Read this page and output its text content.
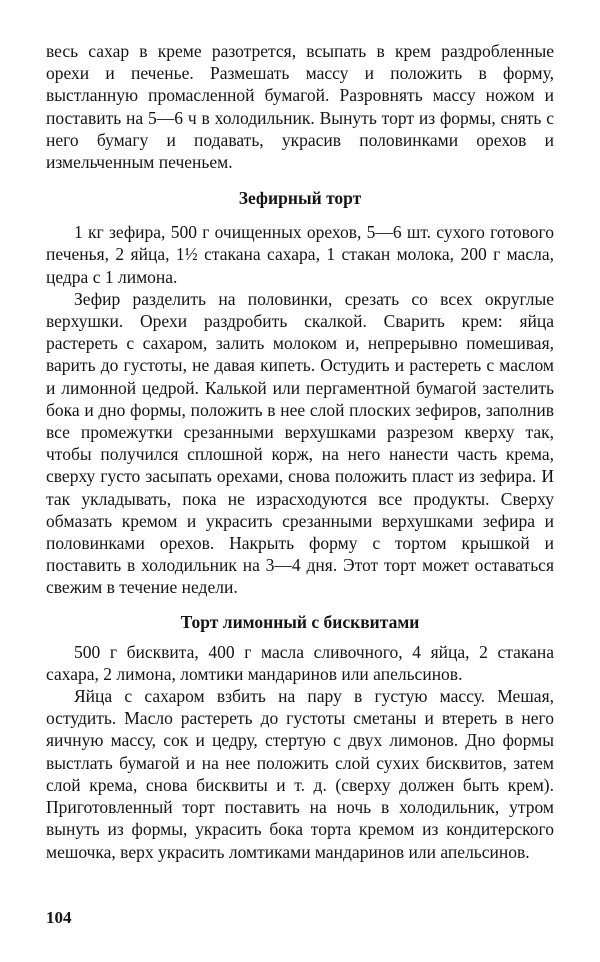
весь сахар в креме разотрется, всыпать в крем раздробленные орехи и печенье. Размешать массу и положить в форму, выстланную промасленной бумагой. Разровнять массу ножом и поставить на 5—6 ч в холодильник. Вынуть торт из формы, снять с него бумагу и подавать, украсив половинками орехов и измельченным печеньем.

Зефирный торт

1 кг зефира, 500 г очищенных орехов, 5—6 шт. сухого готового печенья, 2 яйца, 1½ стакана сахара, 1 стакан молока, 200 г масла, цедра с 1 лимона.

Зефир разделить на половинки, срезать со всех округлые верхушки. Орехи раздробить скалкой. Сварить крем: яйца растереть с сахаром, залить молоком и, непрерывно помешивая, варить до густоты, не давая кипеть. Остудить и растереть с маслом и лимонной цедрой. Калькой или пергаментной бумагой застелить бока и дно формы, положить в нее слой плоских зефиров, заполнив все промежутки срезанными верхушками разрезом кверху так, чтобы получился сплошной корж, на него нанести часть крема, сверху густо засыпать орехами, снова положить пласт из зефира. И так укладывать, пока не израсходуются все продукты. Сверху обмазать кремом и украсить срезанными верхушками зефира и половинками орехов. Накрыть форму с тортом крышкой и поставить в холодильник на 3—4 дня. Этот торт может оставаться свежим в течение недели.

Торт лимонный с бисквитами

500 г бисквита, 400 г масла сливочного, 4 яйца, 2 стакана сахара, 2 лимона, ломтики мандаринов или апельсинов.

Яйца с сахаром взбить на пару в густую массу. Мешая, остудить. Масло растереть до густоты сметаны и втереть в него яичную массу, сок и цедру, стертую с двух лимонов. Дно формы выстлать бумагой и на нее положить слой сухих бисквитов, затем слой крема, снова бисквиты и т. д. (сверху должен быть крем). Приготовленный торт поставить на ночь в холодильник, утром вынуть из формы, украсить бока торта кремом из кондитерского мешочка, верх украсить ломтиками мандаринов или апельсинов.

104
